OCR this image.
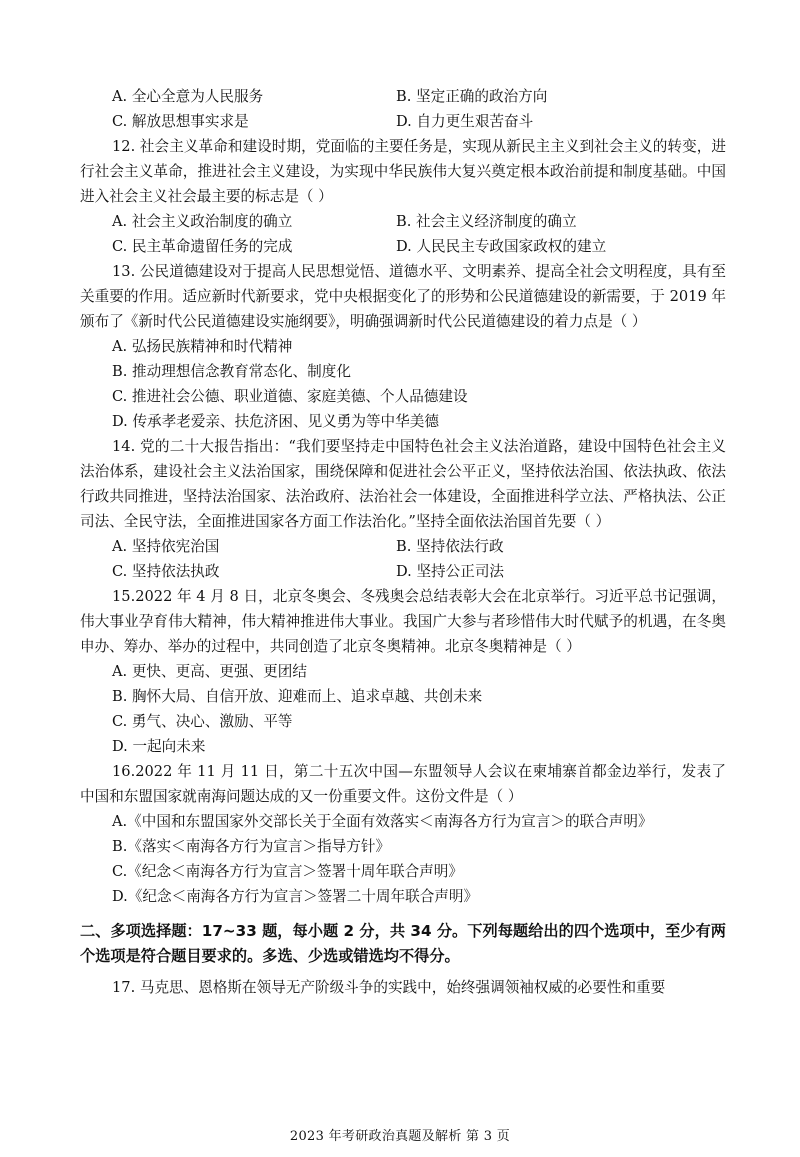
A. 全心全意为人民服务	B. 坚定正确的政治方向
C. 解放思想事实求是	D. 自力更生艰苦奋斗
12. 社会主义革命和建设时期，党面临的主要任务是，实现从新民主主义到社会主义的转变，进行社会主义革命，推进社会主义建设，为实现中华民族伟大复兴奠定根本政治前提和制度基础。中国进入社会主义社会最主要的标志是（ ）
A. 社会主义政治制度的确立	B. 社会主义经济制度的确立
C. 民主革命遗留任务的完成	D. 人民民主专政国家政权的建立
13. 公民道德建设对于提高人民思想觉悟、道德水平、文明素养、提高全社会文明程度，具有至关重要的作用。适应新时代新要求，党中央根据变化了的形势和公民道德建设的新需要，于 2019 年颁布了《新时代公民道德建设实施纲要》，明确强调新时代公民道德建设的着力点是（ ）
A. 弘扬民族精神和时代精神
B. 推动理想信念教育常态化、制度化
C. 推进社会公德、职业道德、家庭美德、个人品德建设
D. 传承孝老爱亲、扶危济困、见义勇为等中华美德
14. 党的二十大报告指出：“我们要坚持走中国特色社会主义法治道路，建设中国特色社会主义法治体系，建设社会主义法治国家，围绕保障和促进社会公平正义，坚持依法治国、依法执政、依法行政共同推进，坚持法治国家、法治政府、法治社会一体建设，全面推进科学立法、严格执法、公正司法、全民守法，全面推进国家各方面工作法治化。”坚持全面依法治国首先要（ ）
A. 坚持依宪治国	B. 坚持依法行政
C. 坚持依法执政	D. 坚持公正司法
15.2022 年 4 月 8 日，北京冬奥会、冬残奥会总结表彰大会在北京举行。习近平总书记强调，伟大事业孕育伟大精神，伟大精神推进伟大事业。我国广大参与者珍惜伟大时代赋予的机遇，在冬奥申办、筹办、举办的过程中，共同创造了北京冬奥精神。北京冬奥精神是（ ）
A. 更快、更高、更强、更团结
B. 胸怀大局、自信开放、迎难而上、追求卓越、共创未来
C. 勇气、决心、激励、平等
D. 一起向未来
16.2022 年 11 月 11 日，第二十五次中国—东盟领导人会议在柬埔寨首都金边举行，发表了中国和东盟国家就南海问题达成的又一份重要文件。这份文件是（ ）
A.《中国和东盟国家外交部长关于全面有效落实＜南海各方行为宣言＞的联合声明》
B.《落实＜南海各方行为宣言＞指导方针》
C.《纪念＜南海各方行为宣言＞签署十周年联合声明》
D.《纪念＜南海各方行为宣言＞签署二十周年联合声明》
二、多项选择题：17~33 题，每小题 2 分，共 34 分。下列每题给出的四个选项中，至少有两个选项是符合题目要求的。多选、少选或错选均不得分。
17. 马克思、恩格斯在领导无产阶级斗争的实践中，始终强调领袖权威的必要性和重要
2023 年考研政治真题及解析 第 3 页
